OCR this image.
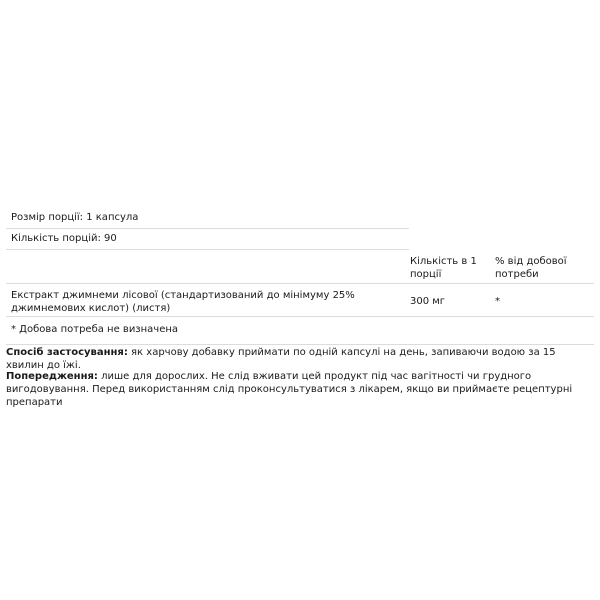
Розмір порції: 1 капсула
Кількість порцій: 90
Кількість в 1 порції
% від добової потреби
Екстракт джимнеми лісової (стандартизований до мінімуму 25% джимнемових кислот) (листя)
300 мг	*
* Добова потреба не визначена
Спосіб застосування: як харчову добавку приймати по одній капсулі на день, запиваючи водою за 15 хвилин до їжі.
Попередження: лише для дорослих. Не слід вживати цей продукт під час вагітності чи грудного вигодовування. Перед використанням слід проконсультуватися з лікарем, якщо ви приймаєте рецептурні препарати
